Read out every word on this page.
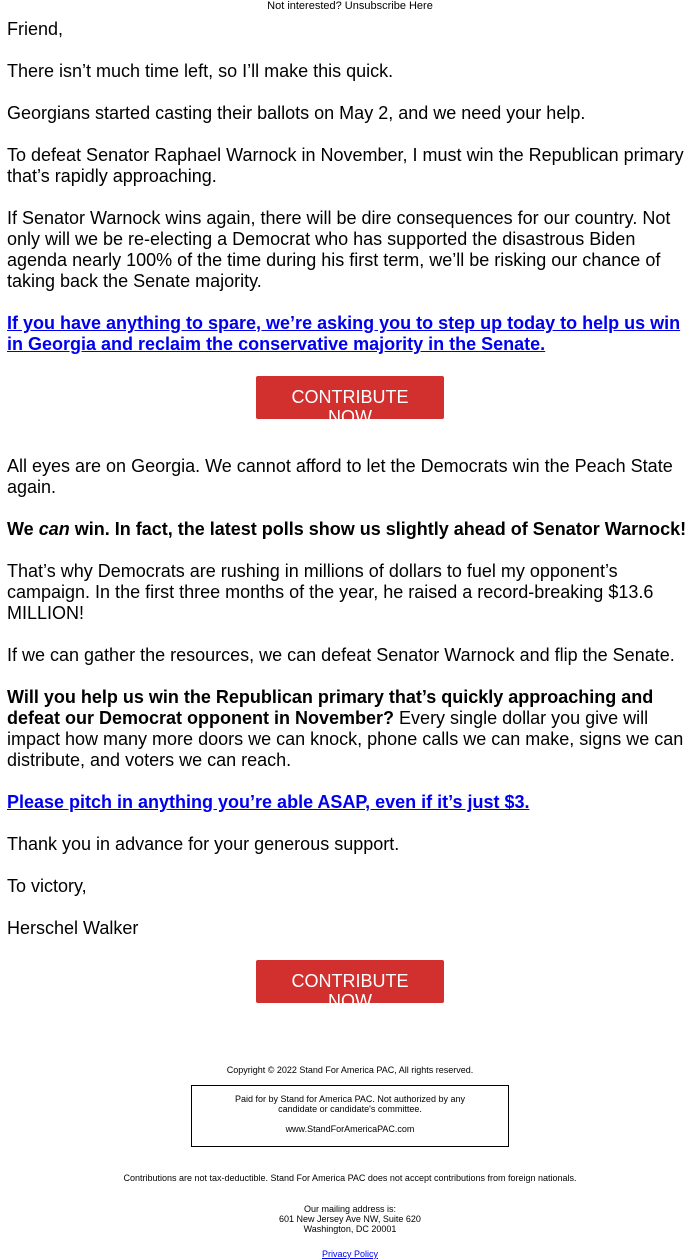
Not interested? Unsubscribe Here

Friend,

There isn’t much time left, so I’ll make this quick.

Georgians started casting their ballots on May 2, and we need your help.

To defeat Senator Raphael Warnock in November, I must win the Republican primary that’s rapidly approaching.

If Senator Warnock wins again, there will be dire consequences for our country. Not only will we be re-electing a Democrat who has supported the disastrous Biden agenda nearly 100% of the time during his first term, we’ll be risking our chance of taking back the Senate majority.

If you have anything to spare, we’re asking you to step up today to help us win in Georgia and reclaim the conservative majority in the Senate.

CONTRIBUTE NOW

All eyes are on Georgia. We cannot afford to let the Democrats win the Peach State again.

We can win. In fact, the latest polls show us slightly ahead of Senator Warnock!

That’s why Democrats are rushing in millions of dollars to fuel my opponent’s campaign. In the first three months of the year, he raised a record-breaking $13.6 MILLION!

If we can gather the resources, we can defeat Senator Warnock and flip the Senate.

Will you help us win the Republican primary that’s quickly approaching and defeat our Democrat opponent in November? Every single dollar you give will impact how many more doors we can knock, phone calls we can make, signs we can distribute, and voters we can reach.

Please pitch in anything you’re able ASAP, even if it’s just $3.

Thank you in advance for your generous support.

To victory,

Herschel Walker

CONTRIBUTE NOW
Copyright © 2022 Stand For America PAC, All rights reserved.
Paid for by Stand for America PAC. Not authorized by any
candidate or candidate's committee.
www.StandForAmericaPAC.com
Contributions are not tax-deductible. Stand For America PAC does not accept contributions from foreign nationals.
Our mailing address is:
601 New Jersey Ave NW, Suite 620
Washington, DC 20001
Privacy Policy
